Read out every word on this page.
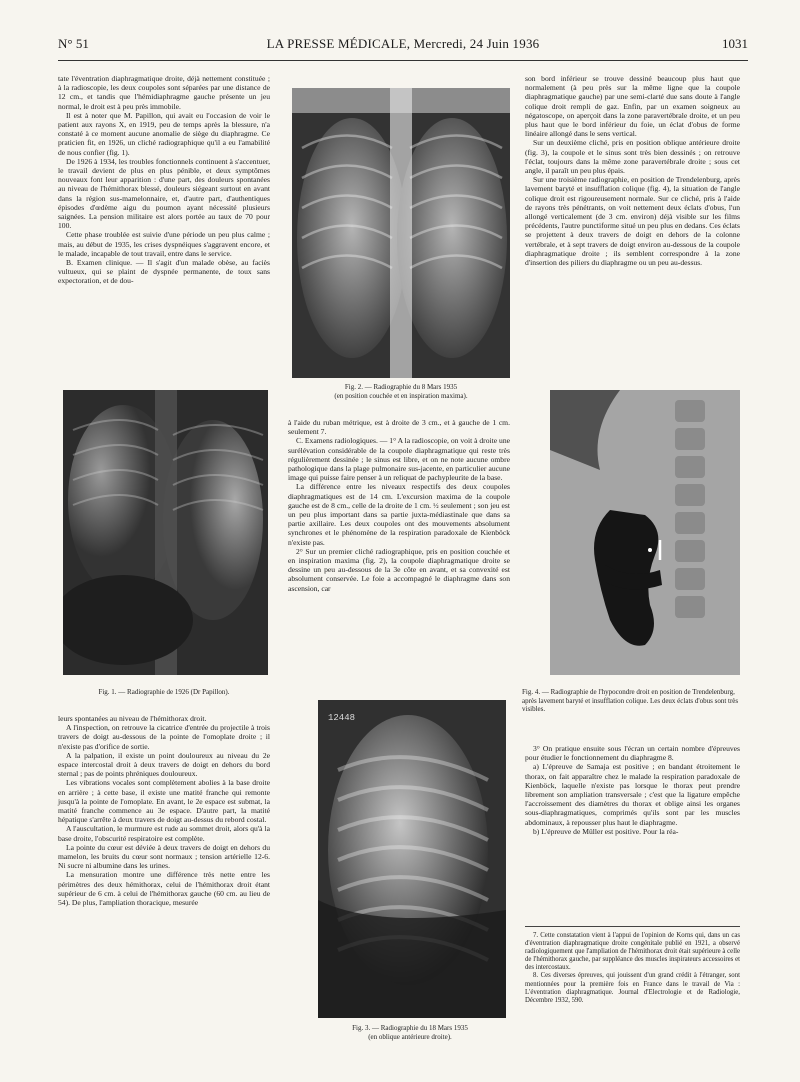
N° 51	LA PRESSE MÉDICALE, Mercredi, 24 Juin 1936	1031

tate l'éventration diaphragmatique droite, déjà nettement constituée ; à la radioscopie, les deux coupoles sont séparées par une distance de 12 cm., et tandis que l'hémidiaphragme gauche présente un jeu normal, le droit est à peu près immobile.

Il est à noter que M. Papillon, qui avait eu l'occasion de voir le patient aux rayons X, en 1919, peu de temps après la blessure, n'a constaté à ce moment aucune anomalie de siège du diaphragme. Ce praticien fit, en 1926, un cliché radiographique qu'il a eu l'amabilité de nous confier (fig. 1).

De 1926 à 1934, les troubles fonctionnels continuent à s'accentuer, le travail devient de plus en plus pénible, et deux symptômes nouveaux font leur apparition : d'une part, des douleurs spontanées au niveau de l'hémithorax blessé, douleurs siégeant surtout en avant dans la région sus-mamelonnaire, et, d'autre part, d'authentiques épisodes d'œdème aigu du poumon ayant nécessité plusieurs saignées. La pension militaire est alors portée au taux de 70 pour 100.

Cette phase troublée est suivie d'une période un peu plus calme ; mais, au début de 1935, les crises dyspnéiques s'aggravent encore, et le malade, incapable de tout travail, entre dans le service.

B. Examen clinique. — Il s'agit d'un malade obèse, au faciès vultueux, qui se plaint de dyspnée permanente, de toux sans expectoration, et de dou-

Fig. 1. — Radiographie de 1926 (Dr Papillon).

leurs spontanées au niveau de l'hémithorax droit.

A l'inspection, on retrouve la cicatrice d'entrée du projectile à trois travers de doigt au-dessous de la pointe de l'omoplate droite ; il n'existe pas d'orifice de sortie.

A la palpation, il existe un point douloureux au niveau du 2e espace intercostal droit à deux travers de doigt en dehors du bord sternal ; pas de points phréniques douloureux.

Les vibrations vocales sont complètement abolies à la base droite en arrière ; à cette base, il existe une matité franche qui remonte jusqu'à la pointe de l'omoplate. En avant, le 2e espace est submat, la matité franche commence au 3e espace. D'autre part, la matité hépatique s'arrête à deux travers de doigt au-dessus du rebord costal.

A l'auscultation, le murmure est rude au sommet droit, alors qu'à la base droite, l'obscurité respiratoire est complète.

La pointe du cœur est déviée à deux travers de doigt en dehors du mamelon, les bruits du cœur sont normaux ; tension artérielle 12-6. Ni sucre ni albumine dans les urines.

La mensuration montre une différence très nette entre les périmètres des deux hémithorax, celui de l'hémithorax droit étant supérieur de 6 cm. à celui de l'hémithorax gauche (60 cm. au lieu de 54). De plus, l'ampliation thoracique, mesurée

Fig. 2. — Radiographie du 8 Mars 1935
(en position couchée et en inspiration maxima).

à l'aide du ruban métrique, est à droite de 3 cm., et à gauche de 1 cm. seulement 7.

C. Examens radiologiques. — 1° A la radioscopie, on voit à droite une surélévation considérable de la coupole diaphragmatique qui reste très régulièrement dessinée ; le sinus est libre, et on ne note aucune ombre pathologique dans la plage pulmonaire sus-jacente, en particulier aucune image qui puisse faire penser à un reliquat de pachypleurite de la base.

La différence entre les niveaux respectifs des deux coupoles diaphragmatiques est de 14 cm. L'excursion maxima de la coupole gauche est de 8 cm., celle de la droite de 1 cm. ½ seulement ; son jeu est un peu plus important dans sa partie juxta-médiastinale que dans sa partie axillaire. Les deux coupoles ont des mouvements absolument synchrones et le phénomène de la respiration paradoxale de Kienböck n'existe pas.

2° Sur un premier cliché radiographique, pris en position couchée et en inspiration maxima (fig. 2), la coupole diaphragmatique droite se dessine un peu au-dessous de la 3e côte en avant, et sa convexité est absolument conservée. Le foie a accompagné le diaphragme dans son ascension, car

12448
Fig. 3. — Radiographie du 18 Mars 1935
(en oblique antérieure droite).

son bord inférieur se trouve dessiné beaucoup plus haut que normalement (à peu près sur la même ligne que la coupole diaphragmatique gauche) par une semi-clarté due sans doute à l'angle colique droit rempli de gaz. Enfin, par un examen soigneux au négatoscope, on aperçoit dans la zone paravertébrale droite, et un peu plus haut que le bord inférieur du foie, un éclat d'obus de forme linéaire allongé dans le sens vertical.

Sur un deuxième cliché, pris en position oblique antérieure droite (fig. 3), la coupole et le sinus sont très bien dessinés ; on retrouve l'éclat, toujours dans la même zone paravertébrale droite ; sous cet angle, il paraît un peu plus épais.

Sur une troisième radiographie, en position de Trendelenburg, après lavement baryté et insufflation colique (fig. 4), la situation de l'angle colique droit est rigoureusement normale. Sur ce cliché, pris à l'aide de rayons très pénétrants, on voit nettement deux éclats d'obus, l'un allongé verticalement (de 3 cm. environ) déjà visible sur les films précédents, l'autre punctiforme situé un peu plus en dedans. Ces éclats se projettent à deux travers de doigt en dehors de la colonne vertébrale, et à sept travers de doigt environ au-dessous de la coupole diaphragmatique droite ; ils semblent correspondre à la zone d'insertion des piliers du diaphragme ou un peu au-dessus.

Fig. 4. — Radiographie de l'hypocondre droit en position de Trendelenburg, après lavement baryté et insufflation colique. Les deux éclats d'obus sont très visibles.

3° On pratique ensuite sous l'écran un certain nombre d'épreuves pour étudier le fonctionnement du diaphragme 8.

a) L'épreuve de Samaja est positive ; en bandant étroitement le thorax, on fait apparaître chez le malade la respiration paradoxale de Kienböck, laquelle n'existe pas lorsque le thorax peut prendre librement son ampliation transversale ; c'est que la ligature empêche l'accroissement des diamètres du thorax et oblige ainsi les organes sous-diaphragmatiques, comprimés qu'ils sont par les muscles abdominaux, à repousser plus haut le diaphragme.

b) L'épreuve de Müller est positive. Pour la réa-

7. Cette constatation vient à l'appui de l'opinion de Korns qui, dans un cas d'éventration diaphragmatique droite congénitale publié en 1921, a observé radiologiquement que l'ampliation de l'hémithorax droit était supérieure à celle de l'hémithorax gauche, par suppléance des muscles inspirateurs accessoires et des intercostaux.

8. Ces diverses épreuves, qui jouissent d'un grand crédit à l'étranger, sont mentionnées pour la première fois en France dans le travail de Via : L'éventration diaphragmatique. Journal d'Electrologie et de Radiologie, Décembre 1932, 590.
